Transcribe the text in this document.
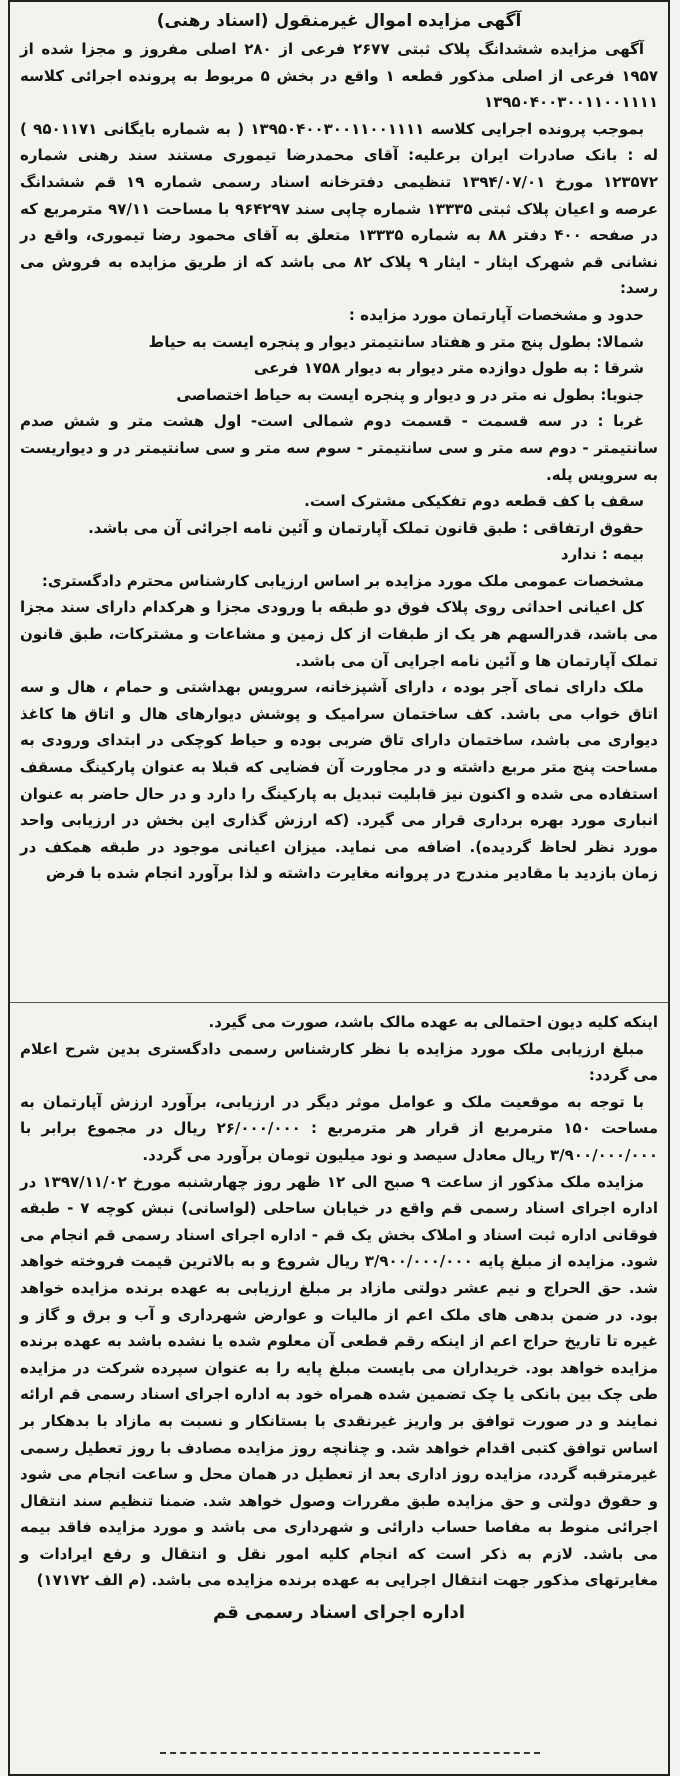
آگهی مزایده اموال غیرمنقول (اسناد رهنی)

آگهی مزایده ششدانگ پلاک ثبتی ۲۶۷۷ فرعی از ۲۸۰ اصلی مفروز و مجزا شده از ۱۹۵۷ فرعی از اصلی مذکور قطعه ۱ واقع در بخش ۵ مربوط به پرونده اجرائی کلاسه ۱۳۹۵۰۴۰۰۳۰۰۱۱۰۰۱۱۱۱

بموجب پرونده اجرایی کلاسه ۱۳۹۵۰۴۰۰۳۰۰۱۱۰۰۱۱۱۱ ( به شماره بایگانی ۹۵۰۱۱۷۱ ) له : بانک صادرات ایران برعلیه: آقای محمدرضا تیموری مستند سند رهنی شماره ۱۲۳۵۷۲ مورخ ۱۳۹۴/۰۷/۰۱ تنظیمی دفترخانه اسناد رسمی شماره ۱۹ قم ششدانگ عرصه و اعیان پلاک ثبتی ۱۳۳۳۵ شماره چاپی سند ۹۶۴۲۹۷ با مساحت ۹۷/۱۱ مترمربع که در صفحه ۴۰۰ دفتر ۸۸ به شماره ۱۳۳۳۵ متعلق به آقای محمود رضا تیموری، واقع در نشانی قم شهرک ایثار - ایثار ۹ پلاک ۸۲ می باشد که از طریق مزایده به فروش می رسد:

حدود و مشخصات آپارتمان مورد مزایده :

شمالا: بطول پنج متر و هفتاد سانتیمتر دیوار و پنجره ایست به حیاط

شرقا : به طول دوازده متر دیوار به دیوار ۱۷۵۸ فرعی

جنوبا: بطول نه متر در و دیوار و پنجره ایست به حیاط اختصاصی

غربا : در سه قسمت - قسمت دوم شمالی است- اول هشت متر و شش صدم سانتیمتر - دوم سه متر و سی سانتیمتر - سوم سه متر و سی سانتیمتر در و دیواریست به سرویس پله.

سقف با کف قطعه دوم تفکیکی مشترک است.

حقوق ارتفاقی : طبق قانون تملک آپارتمان و آئین نامه اجرائی آن می باشد.

بیمه : ندارد

مشخصات عمومی ملک مورد مزایده بر اساس ارزیابی کارشناس محترم دادگستری:

کل اعیانی احداثی روی پلاک فوق دو طبقه با ورودی مجزا و هرکدام دارای سند مجزا می باشد، قدرالسهم هر یک از طبقات از کل زمین و مشاعات و مشترکات، طبق قانون تملک آپارتمان ها و آئین نامه اجرایی آن می باشد.

ملک دارای نمای آجر بوده ، دارای آشپزخانه، سرویس بهداشتی و حمام ، هال و سه اتاق خواب می باشد. کف ساختمان سرامیک و پوشش دیوارهای هال و اتاق ها کاغذ دیواری می باشد، ساختمان دارای تاق ضربی بوده و حیاط کوچکی در ابتدای ورودی به مساحت پنج متر مربع داشته و در مجاورت آن فضایی که قبلا به عنوان پارکینگ مسقف استفاده می شده و اکنون نیز قابلیت تبدیل به پارکینگ را دارد و در حال حاضر به عنوان انباری مورد بهره برداری قرار می گیرد. (که ارزش گذاری این بخش در ارزیابی واحد مورد نظر لحاظ گردیده). اضافه می نماید. میزان اعیانی موجود در طبقه همکف در زمان بازدید با مقادیر مندرج در پروانه مغایرت داشته و لذا برآورد انجام شده با فرض

اینکه کلیه دیون احتمالی به عهده مالک باشد، صورت می گیرد.

مبلغ ارزیابی ملک مورد مزایده با نظر کارشناس رسمی دادگستری بدین شرح اعلام می گردد:

با توجه به موقعیت ملک و عوامل موثر دیگر در ارزیابی، برآورد ارزش آپارتمان به مساحت ۱۵۰ مترمربع از قرار هر مترمربع : ۲۶/۰۰۰/۰۰۰ ریال در مجموع برابر با ۳/۹۰۰/۰۰۰/۰۰۰ ریال معادل سیصد و نود میلیون تومان برآورد می گردد.

مزایده ملک مذکور از ساعت ۹ صبح الی ۱۲ ظهر روز چهارشنبه مورخ ۱۳۹۷/۱۱/۰۲ در اداره اجرای اسناد رسمی قم واقع در خیابان ساحلی (لواسانی) نبش کوچه ۷ - طبقه فوقانی اداره ثبت اسناد و املاک بخش یک قم - اداره اجرای اسناد رسمی قم انجام می شود. مزایده از مبلغ پایه ۳/۹۰۰/۰۰۰/۰۰۰ ریال شروع و به بالاترین قیمت فروخته خواهد شد. حق الحراج و نیم عشر دولتی مازاد بر مبلغ ارزیابی به عهده برنده مزایده خواهد بود. در ضمن بدهی های ملک اعم از مالیات و عوارض شهرداری و آب و برق و گاز و غیره تا تاریخ حراج اعم از اینکه رقم قطعی آن معلوم شده یا نشده باشد به عهده برنده مزایده خواهد بود. خریداران می بایست مبلغ پایه را به عنوان سپرده شرکت در مزایده طی چک بین بانکی یا چک تضمین شده همراه خود به اداره اجرای اسناد رسمی قم ارائه نمایند و در صورت توافق بر واریز غیرنقدی با بستانکار و نسبت به مازاد با بدهکار بر اساس توافق کتبی اقدام خواهد شد. و چنانچه روز مزایده مصادف با روز تعطیل رسمی غیرمترقبه گردد، مزایده روز اداری بعد از تعطیل در همان محل و ساعت انجام می شود و حقوق دولتی و حق مزایده طبق مقررات وصول خواهد شد. ضمنا تنظیم سند انتقال اجرائی منوط به مفاصا حساب دارائی و شهرداری می باشد و مورد مزایده فاقد بیمه می باشد. لازم به ذکر است که انجام کلیه امور نقل و انتقال و رفع ایرادات و مغایرتهای مذکور جهت انتقال اجرایی به عهده برنده مزایده می باشد. (م الف ۱۷۱۷۲)

اداره اجرای اسناد رسمی قم
